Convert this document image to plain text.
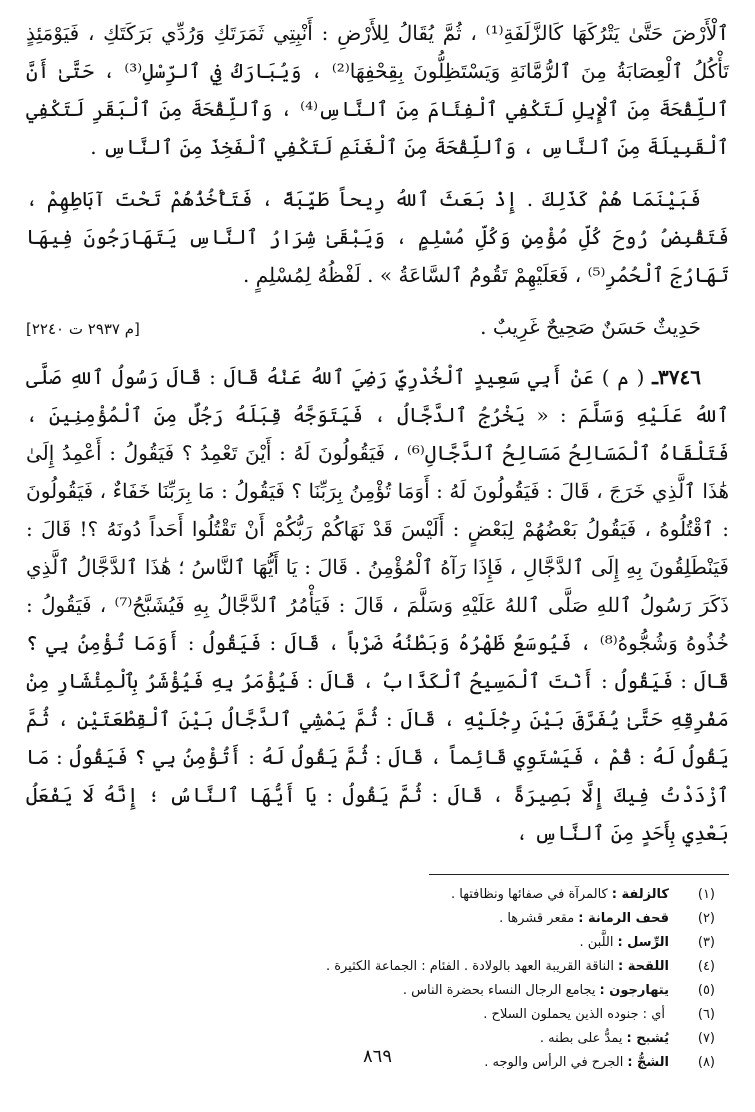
ٱلْأَرْضَ حَتَّىٰ يَتْرُكَهَا كَالزَّلَفَةِ⁽¹⁾ ، ثُمَّ يُقَالُ لِلأَرْضِ : أَنْبِتِي ثَمَرَتَكِ وَرُدِّي بَرَكَتَكِ ، فَيَوْمَئِذٍ تَأْكُلُ ٱلْعِصَابَةُ مِنَ ٱلرُّمَّانَةِ وَيَسْتَظِلُّونَ بِقِحْفِهَا⁽²⁾ ، وَيُبَارَكُ فِي ٱلرِّسْلِ⁽³⁾ ، حَتَّىٰ أَنَّ ٱللِّقْحَةَ مِنَ ٱلْإِبِلِ لَتَكْفِي ٱلْفِئَامَ مِنَ ٱلنَّاسِ⁽⁴⁾ ، وَٱللِّقْحَةَ مِنَ ٱلْبَقَرِ لَتَكْفِي ٱلْقَبِيلَةَ مِنَ ٱلنَّاسِ ، وَٱللِّقْحَةَ مِنَ ٱلْغَنَمِ لَتَكْفِي ٱلْفَخِذَ مِنَ ٱلنَّاسِ .

فَبَيْنَمَا هُمْ كَذَلِكَ . إِذْ بَعَثَ ٱللهُ رِيحاً طَيِّبَةً ، فَتَأْخُذُهُمْ تَحْتَ آبَاطِهِمْ ، فَتَقْبِضُ رُوحَ كُلِّ مُؤْمِنٍ وَكُلِّ مُسْلِمٍ ، وَيَبْقَىٰ شِرَارُ ٱلنَّاسِ يَتَهَارَجُونَ فِيهَا تَهَارُجَ ٱلْحُمُرِ⁽⁵⁾ ، فَعَلَيْهِمْ تَقُومُ ٱلسَّاعَةُ » . لَفْظُهُ لِمُسْلِمٍ .

حَدِيثٌ حَسَنٌ صَحِيحٌ غَرِيبٌ .
[م ٢٩٣٧ ت ٢٢٤٠]

٣٧٤٦ـ ( م ) عَنْ أَبِي سَعِيدٍ ٱلْخُدْرِيِّ رَضِيَ ٱللهُ عَنْهُ قَالَ : قَالَ رَسُولُ ٱللهِ صَلَّى ٱللهُ عَلَيْهِ وَسَلَّمَ : « يَخْرُجُ ٱلدَّجَّالُ ، فَيَتَوَجَّهُ قِبَلَهُ رَجُلٌ مِنَ ٱلْمُؤْمِنِينَ ، فَتَلْقَاهُ ٱلْمَسَالِحُ مَسَالِحُ ٱلدَّجَّالِ⁽⁶⁾ ، فَيَقُولُونَ لَهُ : أَيْنَ تَعْمِدُ ؟ فَيَقُولُ : أَعْمِدُ إِلَىٰ هَٰذَا ٱلَّذِي خَرَجَ ، قَالَ : فَيَقُولُونَ لَهُ : أَوَمَا تُؤْمِنُ بِرَبِّنَا ؟ فَيَقُولُ : مَا بِرَبِّنَا خَفَاءٌ ، فَيَقُولُونَ : ٱقْتُلُوهُ ، فَيَقُولُ بَعْضُهُمْ لِبَعْضٍ : أَلَيْسَ قَدْ نَهَاكُمْ رَبُّكُمْ أَنْ تَقْتُلُوا أَحَداً دُونَهُ ؟! قَالَ : فَيَنْطَلِقُونَ بِهِ إِلَى ٱلدَّجَّالِ ، فَإِذَا رَآهُ ٱلْمُؤْمِنُ . قَالَ : يَا أَيُّهَا ٱلنَّاسُ ؛ هَٰذَا ٱلدَّجَّالُ ٱلَّذِي ذَكَرَ رَسُولُ ٱللهِ صَلَّى ٱللهُ عَلَيْهِ وَسَلَّمَ ، قَالَ : فَيَأْمُرُ ٱلدَّجَّالُ بِهِ فَيُشَبَّحُ⁽⁷⁾ ، فَيَقُولُ : خُذُوهُ وَشُجُّوهُ⁽⁸⁾ ، فَيُوسَعُ ظَهْرُهُ وَبَطْنُهُ ضَرْباً ، قَالَ : فَيَقُولُ : أَوَمَا تُؤْمِنُ بِي ؟ قَالَ : فَيَقُولُ : أَنْتَ ٱلْمَسِيحُ ٱلْكَذَّابُ ، قَالَ : فَيُؤْمَرُ بِهِ فَيُؤْشَرُ بِٱلْمِئْشَارِ مِنْ مَفْرِقِهِ حَتَّىٰ يُفَرَّقَ بَيْنَ رِجْلَيْهِ ، قَالَ : ثُمَّ يَمْشِي ٱلدَّجَّالُ بَيْنَ ٱلْقِطْعَتَيْنِ ، ثُمَّ يَقُولُ لَهُ : قُمْ ، فَيَسْتَوِي قَائِماً ، قَالَ : ثُمَّ يَقُولُ لَهُ : أَتُؤْمِنُ بِي ؟ فَيَقُولُ : مَا ٱزْدَدْتُ فِيكَ إِلَّا بَصِيرَةً ، قَالَ : ثُمَّ يَقُولُ : يَا أَيُّهَا ٱلنَّاسُ ؛ إِنَّهُ لَا يَفْعَلُ بَعْدِي بِأَحَدٍ مِنَ ٱلنَّاسِ ،

(١)
كالزلفة :
كالمرآة في صفائها ونظافتها .
(٢)
قحف الرمانة :
مقعر قشرها .
(٣)
الرِّسل :
اللَّبن .
(٤)
اللقحة :
الناقة القريبة العهد بالولادة . الفئام : الجماعة الكثيرة .
(٥)
يتهارجون :
يجامع الرجال النساء بحضرة الناس .
(٦)
أي : جنوده الذين يحملون السلاح .
(٧)
يُشبح :
يمدُّ على بطنه .
(٨)
الشجُّ :
الجرح في الرأس والوجه .
٨٦٩
